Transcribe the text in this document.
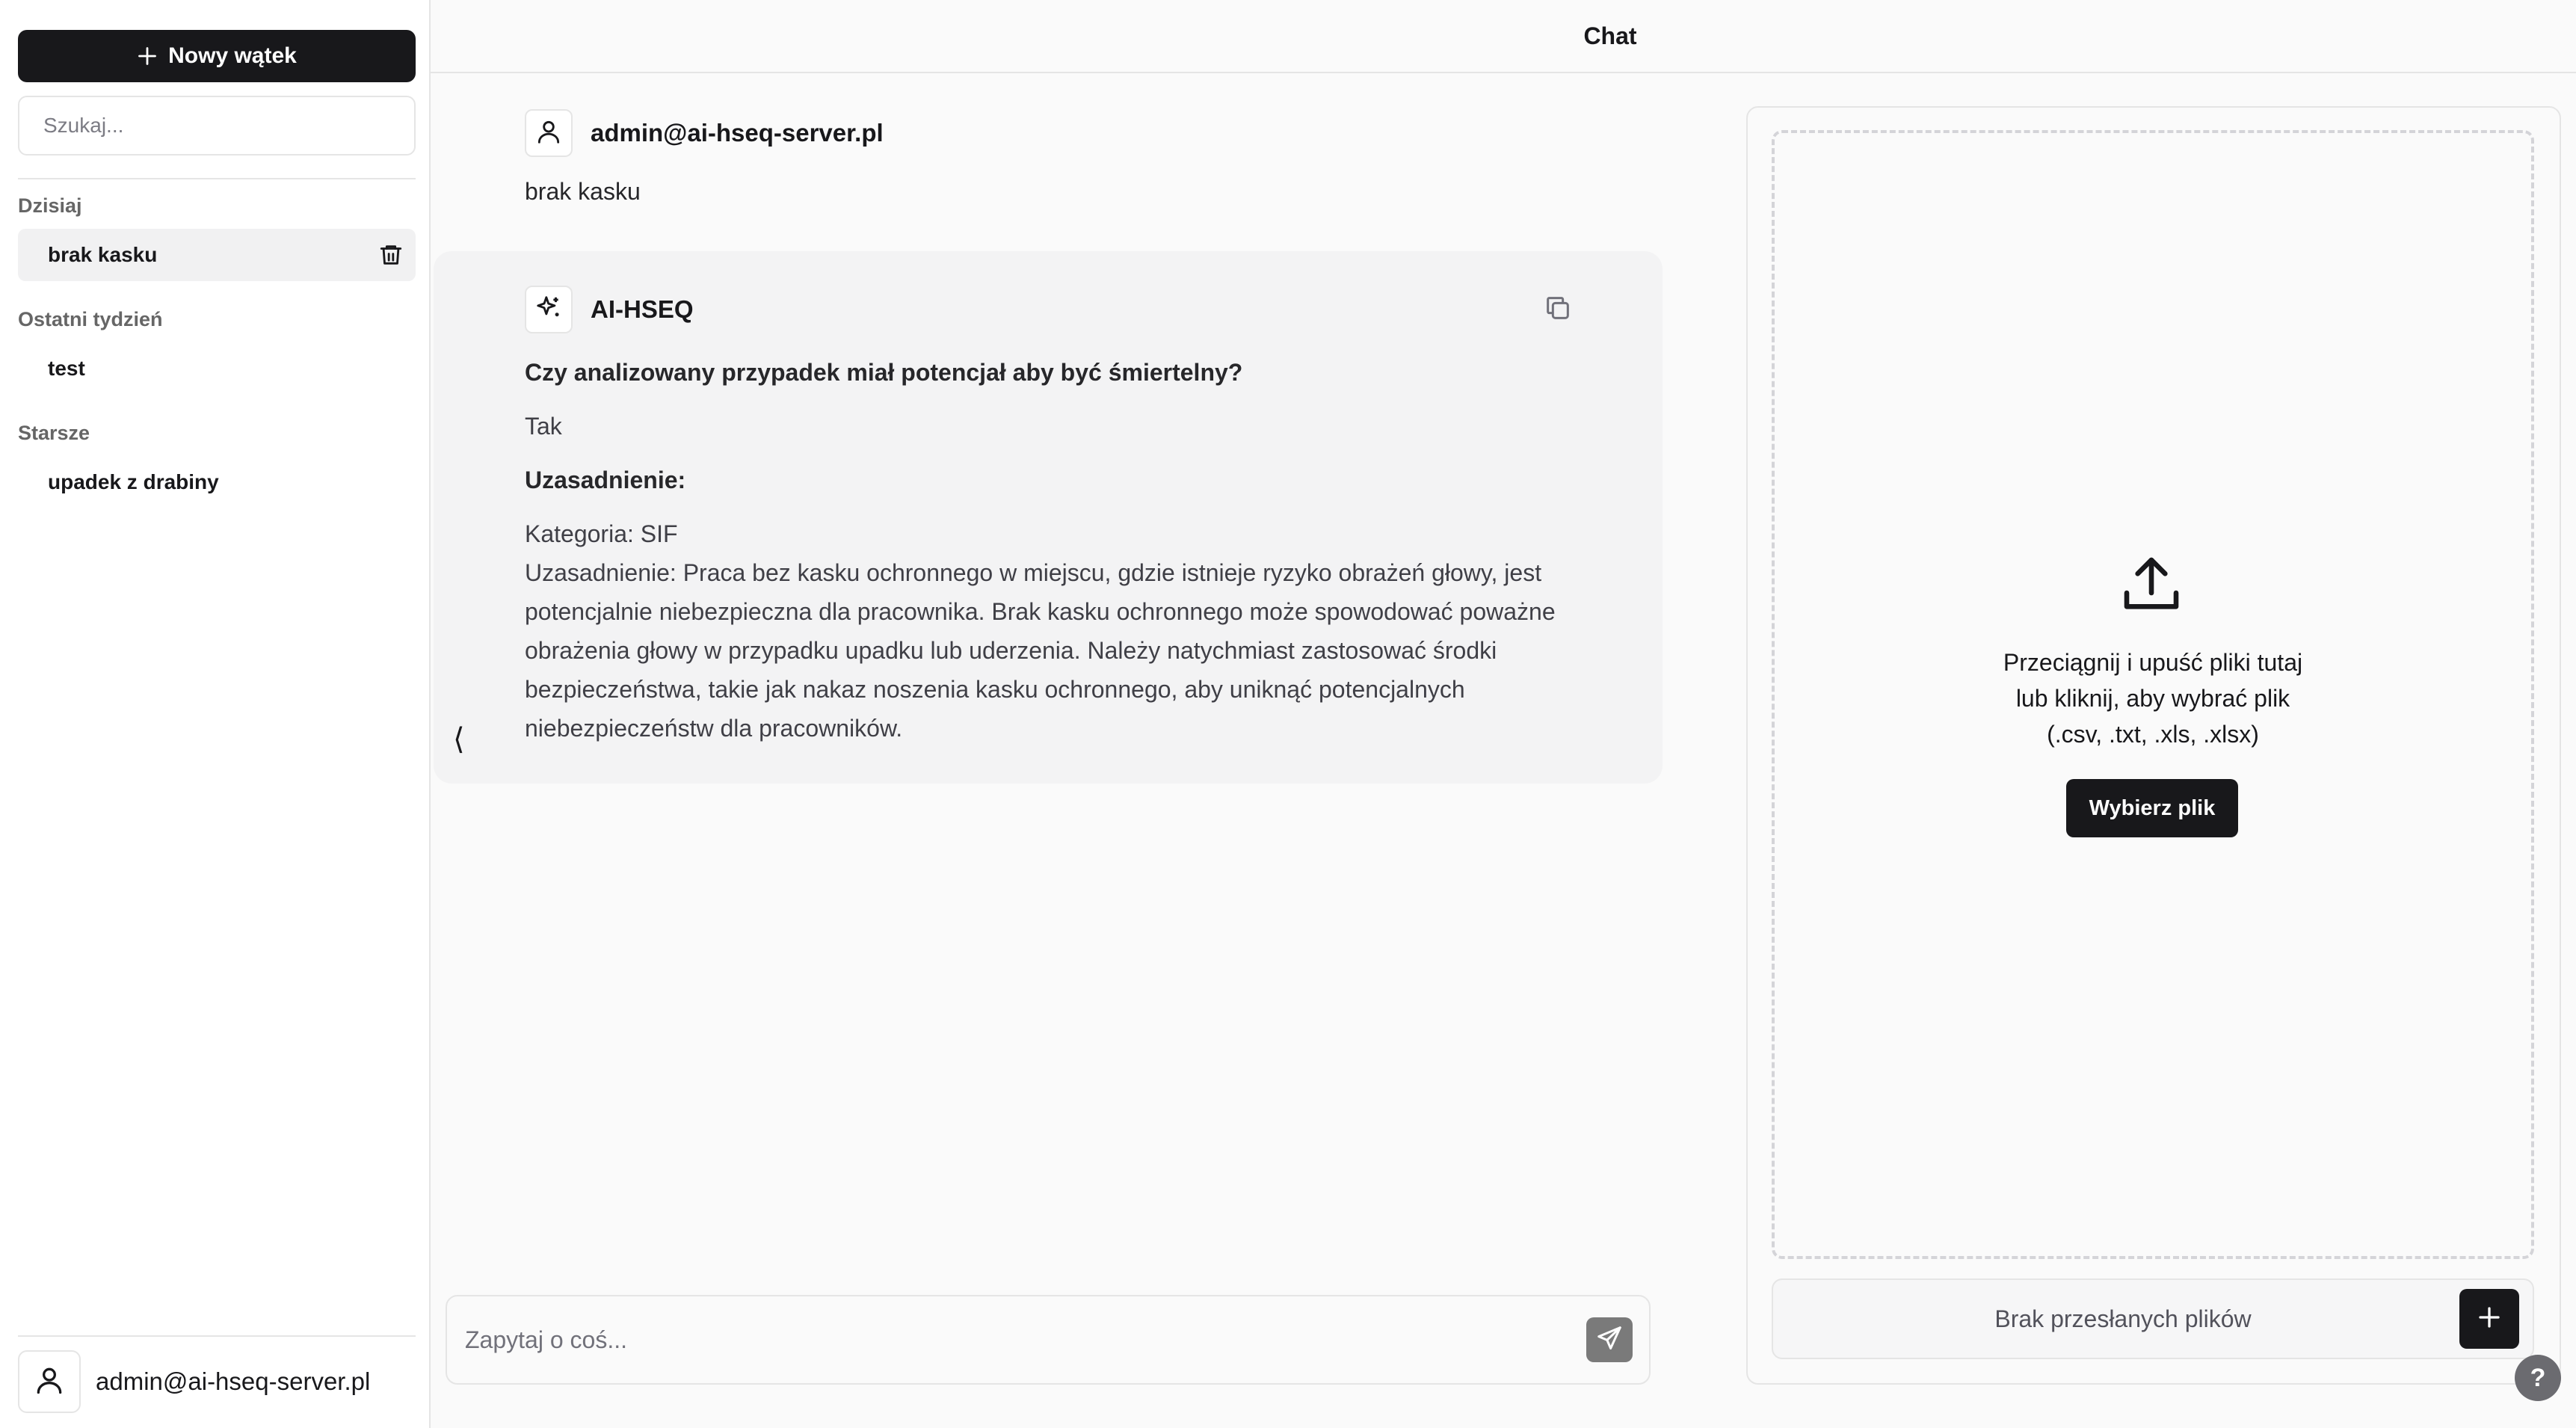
Nowy wątek
Szukaj...
Dzisiaj
brak kasku
Ostatni tydzień
test
Starsze
upadek z drabiny
admin@ai-hseq-server.pl
Chat
admin@ai-hseq-server.pl
brak kasku
AI-HSEQ

Czy analizowany przypadek miał potencjał aby być śmiertelny?

Tak

Uzasadnienie:

Kategoria: SIF

Uzasadnienie: Praca bez kasku ochronnego w miejscu, gdzie istnieje ryzyko obrażeń głowy, jest potencjalnie niebezpieczna dla pracownika. Brak kasku ochronnego może spowodować poważne obrażenia głowy w przypadku upadku lub uderzenia. Należy natychmiast zastosować środki bezpieczeństwa, takie jak nakaz noszenia kasku ochronnego, aby uniknąć potencjalnych niebezpieczeństw dla pracowników.

⟨
Zapytaj o coś...
Przeciągnij i upuść pliki tutaj
lub kliknij, aby wybrać plik
(.csv, .txt, .xls, .xlsx)
Wybierz plik
Brak przesłanych plików
?
